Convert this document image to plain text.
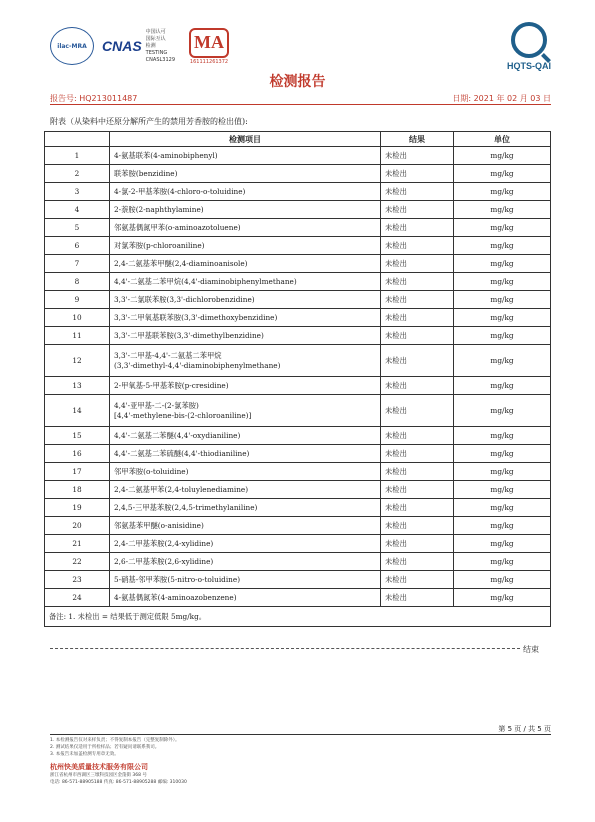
ilac-MRA CNAS
中国认可
国际互认
检测
TESTING
CNASL3129
MA
161111261372	HQTS-QAI
检测报告
报告号: HQ213011487	日期: 2021 年 02 月 03 日
附表（从染料中还原分解所产生的禁用芳香胺的检出值):
	检测项目	结果	单位
1	4-氨基联苯(4-aminobiphenyl)	未检出	mg/kg
2	联苯胺(benzidine)	未检出	mg/kg
3	4-氯-2-甲基苯胺(4-chloro-o-toluidine)	未检出	mg/kg
4	2-萘胺(2-naphthylamine)	未检出	mg/kg
5	邻氨基偶氮甲苯(o-aminoazotoluene)	未检出	mg/kg
6	对氯苯胺(p-chloroaniline)	未检出	mg/kg
7	2,4-二氨基苯甲醚(2,4-diaminoanisole)	未检出	mg/kg
8	4,4'-二氨基二苯甲烷(4,4'-diaminobiphenylmethane)	未检出	mg/kg
9	3,3'-二氯联苯胺(3,3'-dichlorobenzidine)	未检出	mg/kg
10	3,3'-二甲氧基联苯胺(3,3'-dimethoxybenzidine)	未检出	mg/kg
11	3,3'-二甲基联苯胺(3,3'-dimethylbenzidine)	未检出	mg/kg
12	3,3'-二甲基-4,4'-二氨基二苯甲烷
(3,3'-dimethyl-4,4'-diaminobiphenylmethane)	未检出	mg/kg
13	2-甲氧基-5-甲基苯胺(p-cresidine)	未检出	mg/kg
14	4,4'-亚甲基-二-(2-氯苯胺)
[4,4'-methylene-bis-(2-chloroaniline)]	未检出	mg/kg
15	4,4'-二氨基二苯醚(4,4'-oxydianiline)	未检出	mg/kg
16	4,4'-二氨基二苯硫醚(4,4'-thiodianiline)	未检出	mg/kg
17	邻甲苯胺(o-toluidine)	未检出	mg/kg
18	2,4-二氨基甲苯(2,4-toluylenediamine)	未检出	mg/kg
19	2,4,5-三甲基苯胺(2,4,5-trimethylaniline)	未检出	mg/kg
20	邻氨基苯甲醚(o-anisidine)	未检出	mg/kg
21	2,4-二甲基苯胺(2,4-xylidine)	未检出	mg/kg
22	2,6-二甲基苯胺(2,6-xylidine)	未检出	mg/kg
23	5-硝基-邻甲苯胺(5-nitro-o-toluidine)	未检出	mg/kg
24	4-氨基偶氮苯(4-aminoazobenzene)	未检出	mg/kg
备注: 1. 未检出 = 结果低于测定低限 5mg/kg。			
结束
第 5 页 / 共 5 页
1. 本检测报告仅对来样负责；不得复制本报告（完整复制除外）。
2. 测试结果仅适用于所检样品；若有疑问请联系我司。
3. 本报告未加盖检测专用章无效。
杭州快美质量技术服务有限公司
浙江省杭州市西湖区三墩科技园区金蓬街 368 号
电话: 86-571-88905188 传真: 86-571-88905288 邮编: 310030
